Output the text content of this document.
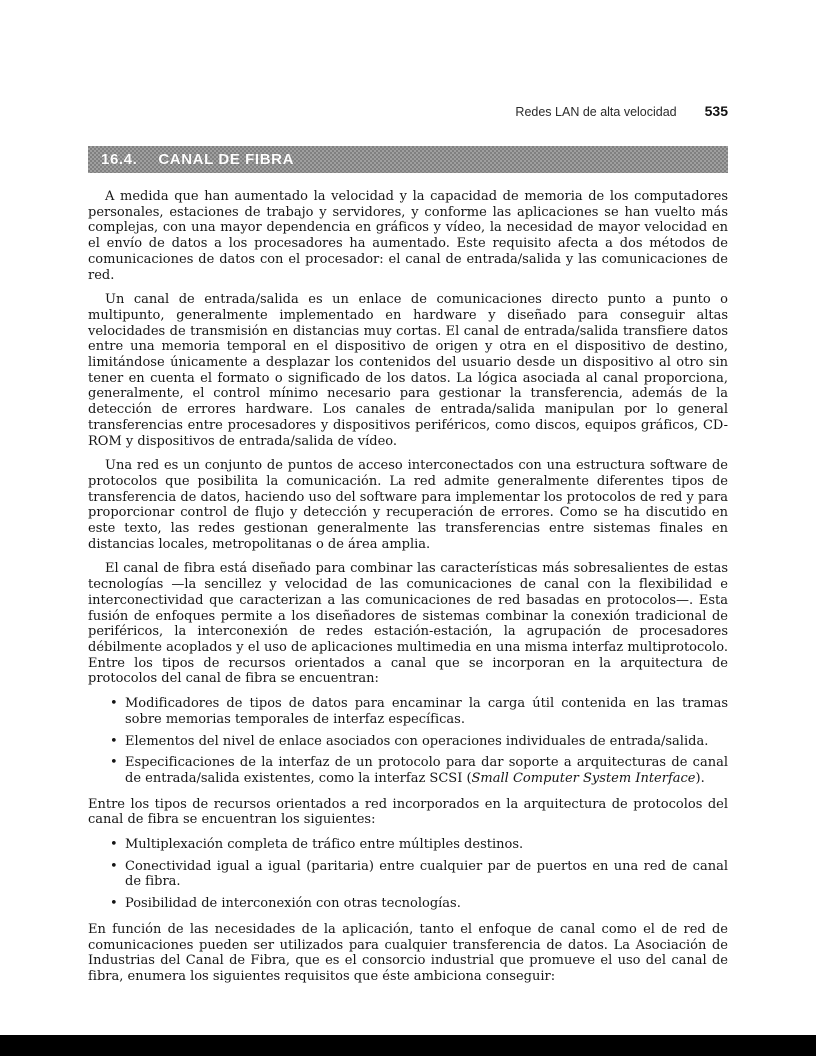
Redes LAN de alta velocidad 535
16.4. CANAL DE FIBRA

A medida que han aumentado la velocidad y la capacidad de memoria de los computadores personales, estaciones de trabajo y servidores, y conforme las aplicaciones se han vuelto más complejas, con una mayor dependencia en gráficos y vídeo, la necesidad de mayor velocidad en el envío de datos a los procesadores ha aumentado. Este requisito afecta a dos métodos de comunicaciones de datos con el procesador: el canal de entrada/salida y las comunicaciones de red.

Un canal de entrada/salida es un enlace de comunicaciones directo punto a punto o multipunto, generalmente implementado en hardware y diseñado para conseguir altas velocidades de transmisión en distancias muy cortas. El canal de entrada/salida transfiere datos entre una memoria temporal en el dispositivo de origen y otra en el dispositivo de destino, limitándose únicamente a desplazar los contenidos del usuario desde un dispositivo al otro sin tener en cuenta el formato o significado de los datos. La lógica asociada al canal proporciona, generalmente, el control mínimo necesario para gestionar la transferencia, además de la detección de errores hardware. Los canales de entrada/salida manipulan por lo general transferencias entre procesadores y dispositivos periféricos, como discos, equipos gráficos, CD-ROM y dispositivos de entrada/salida de vídeo.

Una red es un conjunto de puntos de acceso interconectados con una estructura software de protocolos que posibilita la comunicación. La red admite generalmente diferentes tipos de transferencia de datos, haciendo uso del software para implementar los protocolos de red y para proporcionar control de flujo y detección y recuperación de errores. Como se ha discutido en este texto, las redes gestionan generalmente las transferencias entre sistemas finales en distancias locales, metropolitanas o de área amplia.

El canal de fibra está diseñado para combinar las características más sobresalientes de estas tecnologías —la sencillez y velocidad de las comunicaciones de canal con la flexibilidad e interconectividad que caracterizan a las comunicaciones de red basadas en protocolos—. Esta fusión de enfoques permite a los diseñadores de sistemas combinar la conexión tradicional de periféricos, la interconexión de redes estación-estación, la agrupación de procesadores débilmente acoplados y el uso de aplicaciones multimedia en una misma interfaz multiprotocolo. Entre los tipos de recursos orientados a canal que se incorporan en la arquitectura de protocolos del canal de fibra se encuentran:

• Modificadores de tipos de datos para encaminar la carga útil contenida en las tramas sobre memorias temporales de interfaz específicas.
• Elementos del nivel de enlace asociados con operaciones individuales de entrada/salida.
• Especificaciones de la interfaz de un protocolo para dar soporte a arquitecturas de canal de entrada/salida existentes, como la interfaz SCSI (Small Computer System Interface).

Entre los tipos de recursos orientados a red incorporados en la arquitectura de protocolos del canal de fibra se encuentran los siguientes:

• Multiplexación completa de tráfico entre múltiples destinos.
• Conectividad igual a igual (paritaria) entre cualquier par de puertos en una red de canal de fibra.
• Posibilidad de interconexión con otras tecnologías.

En función de las necesidades de la aplicación, tanto el enfoque de canal como el de red de comunicaciones pueden ser utilizados para cualquier transferencia de datos. La Asociación de Industrias del Canal de Fibra, que es el consorcio industrial que promueve el uso del canal de fibra, enumera los siguientes requisitos que éste ambiciona conseguir:
